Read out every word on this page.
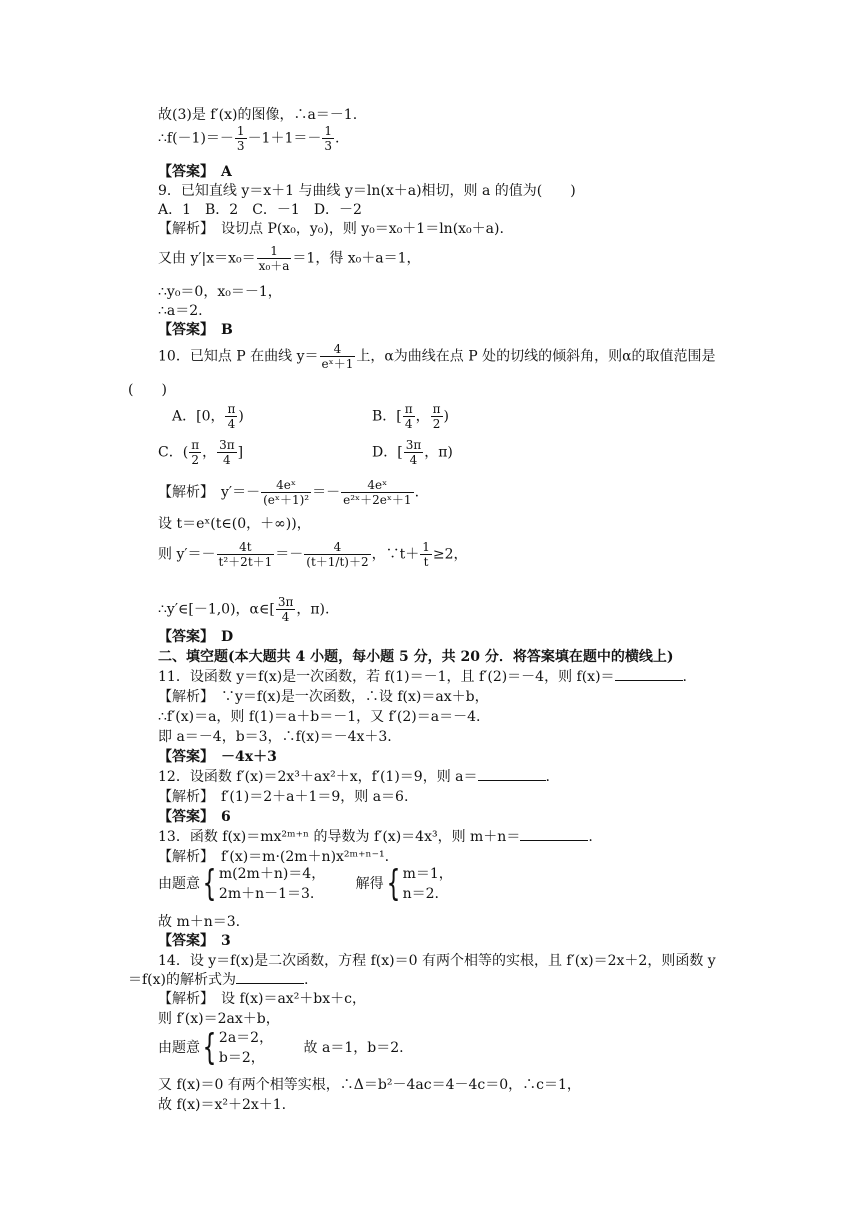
故(3)是 f′(x)的图像，∴a＝－1.
∴f(－1)＝－ $\frac{1}{3} -1+1=- \frac{1}{3}$ .
【答案】　A
9．已知直线 y＝x＋1 与曲线 y＝ln(x＋a)相切，则 a 的值为(　　)
A．1　B．2　C．－1　D．－2
【解析】　设切点 P(x₀，y₀)，则 y₀＝x₀＋1＝ln(x₀＋a).
又由 $y'|x=x_0= \frac{1}{\text{x₀＋a}} =1$，得 x₀＋a＝1，
∴y₀＝0，x₀＝－1，
∴a＝2.
【答案】　B
10．已知点 P 在曲线 $y= \frac{4}{\text{eˣ＋1}}$ 上，α为曲线在点 P 处的切线的倾斜角，则α的取值范围是
(　　)
A．[0， $\frac{\pi}{4}$ )	B．[ $\frac{\pi}{4}$ ， $\frac{\pi}{2}$ )
C．( $\frac{\pi}{2}$ ， $\frac{3\pi}{4}$ ]	D．[ $\frac{3\pi}{4}$ ，π)
【解析】　$y'=- \frac{\text{4eˣ}}{\text{(eˣ＋1)²}} =- \frac{\text{4eˣ}}{\text{e²ˣ＋2eˣ＋1}}$ .
设 t＝eˣ(t∈(0，＋∞))，
则 $y'=- \frac{4t}{\text{t²＋2t＋1}} =- \frac{4}{(t+1/t)+2}$ ，∵t＋ $\frac{1}{t} \ge 2$，
∴y′∈[－1,0)，α∈[ $\frac{3\pi}{4}$ ，π).
【答案】　D
二、填空题(本大题共 4 小题，每小题 5 分，共 20 分．将答案填在题中的横线上)
11．设函数 y＝f(x)是一次函数，若 f(1)＝－1，且 f′(2)＝－4，则 f(x)＝	.
【解析】　∵y＝f(x)是一次函数，∴设 f(x)＝ax＋b，
∴f′(x)＝a，则 f(1)＝a＋b＝－1，又 f′(2)＝a＝－4.
即 a＝－4，b＝3，∴f(x)＝－4x＋3.
【答案】　－4x＋3
12．设函数 f′(x)＝2x³＋ax²＋x，f′(1)＝9，则 a＝	.
【解析】　f′(1)＝2＋a＋1＝9，则 a＝6.
【答案】　6
13．函数 f(x)＝mx²ᵐ⁺ⁿ 的导数为 f′(x)＝4x³，则 m＋n＝	.
【解析】　f′(x)＝m·(2m＋n)x²ᵐ⁺ⁿ⁻¹.
由题意{ m(2m＋n)＝4，
2m＋n－1＝3.
解得{ m＝1，
n＝2.
故 m＋n＝3.
【答案】　3
14．设 y＝f(x)是二次函数，方程 f(x)＝0 有两个相等的实根，且 f′(x)＝2x＋2，则函数 y
＝f(x)的解析式为	.
【解析】　设 f(x)＝ax²＋bx＋c，
则 f′(x)＝2ax＋b，
由题意{ 2a＝2，
b＝2，
故 a＝1，b＝2.
又 f(x)＝0 有两个相等实根，∴Δ＝b²－4ac＝4－4c＝0，∴c＝1，
故 f(x)＝x²＋2x＋1.
